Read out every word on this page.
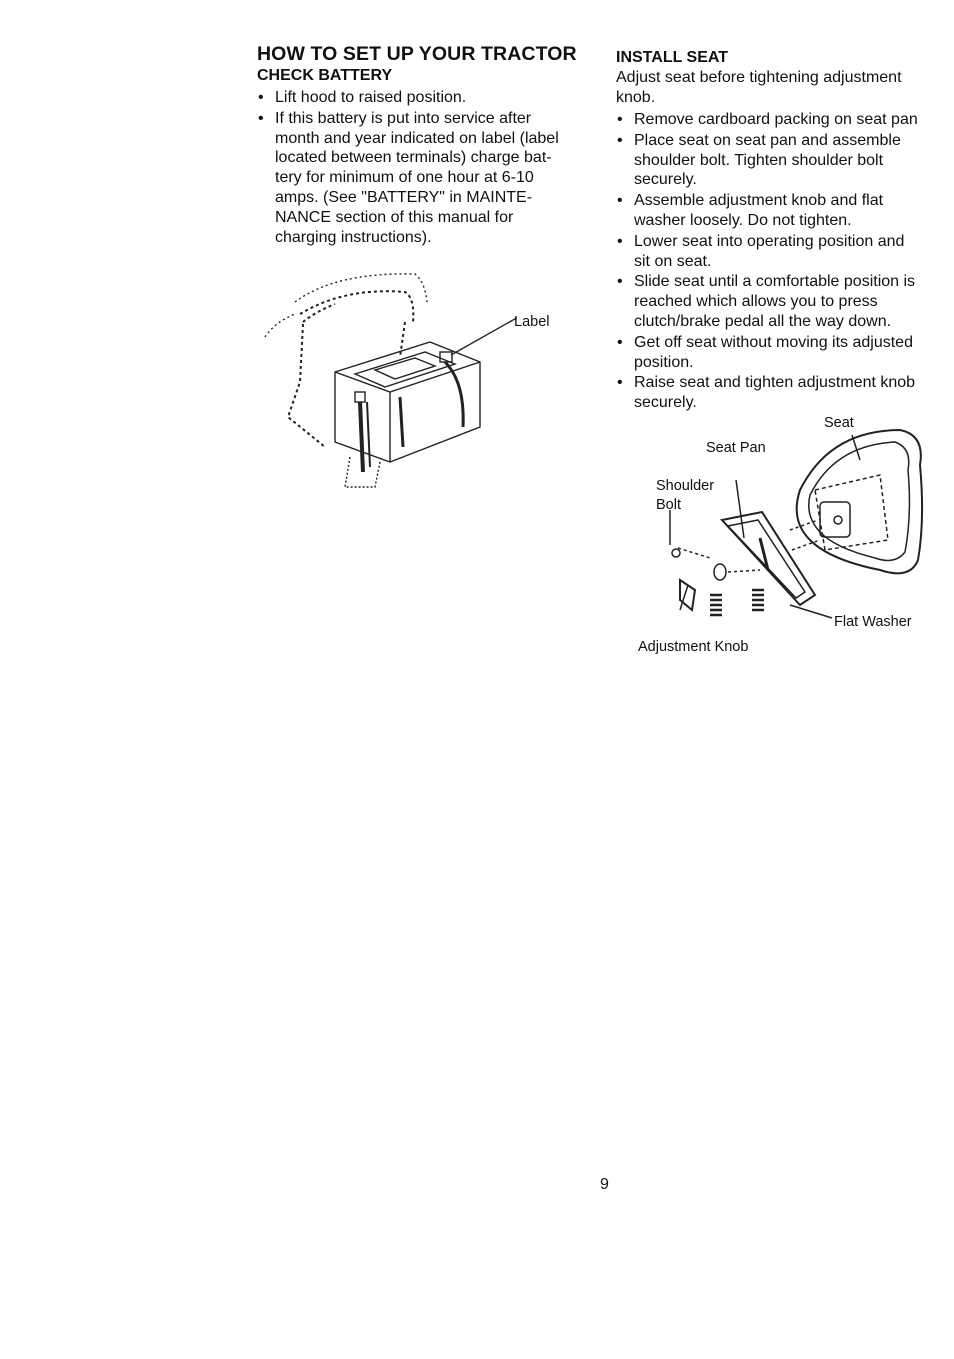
HOW TO SET UP YOUR TRACTOR
CHECK BATTERY
• Lift hood to raised position.
• If this battery is put into service after
month and year indicated on label (label
located between terminals) charge bat-
tery for minimum of one hour at 6-10
amps. (See "BATTERY" in MAINTE-
NANCE section of this manual for
charging instructions).
Label
INSTALL SEAT

Adjust seat before tightening adjustment
knob.

• Remove cardboard packing on seat pan
• Place seat on seat pan and assemble
shoulder bolt. Tighten shoulder bolt
securely.
• Assemble adjustment knob and flat
washer loosely. Do not tighten.
• Lower seat into operating position and
sit on seat.
• Slide seat until a comfortable position is
reached which allows you to press
clutch/brake pedal all the way down.
• Get off seat without moving its adjusted
position.
• Raise seat and tighten adjustment knob
securely.
Seat
Seat Pan
Shoulder
Bolt
Flat Washer
Adjustment Knob
9
